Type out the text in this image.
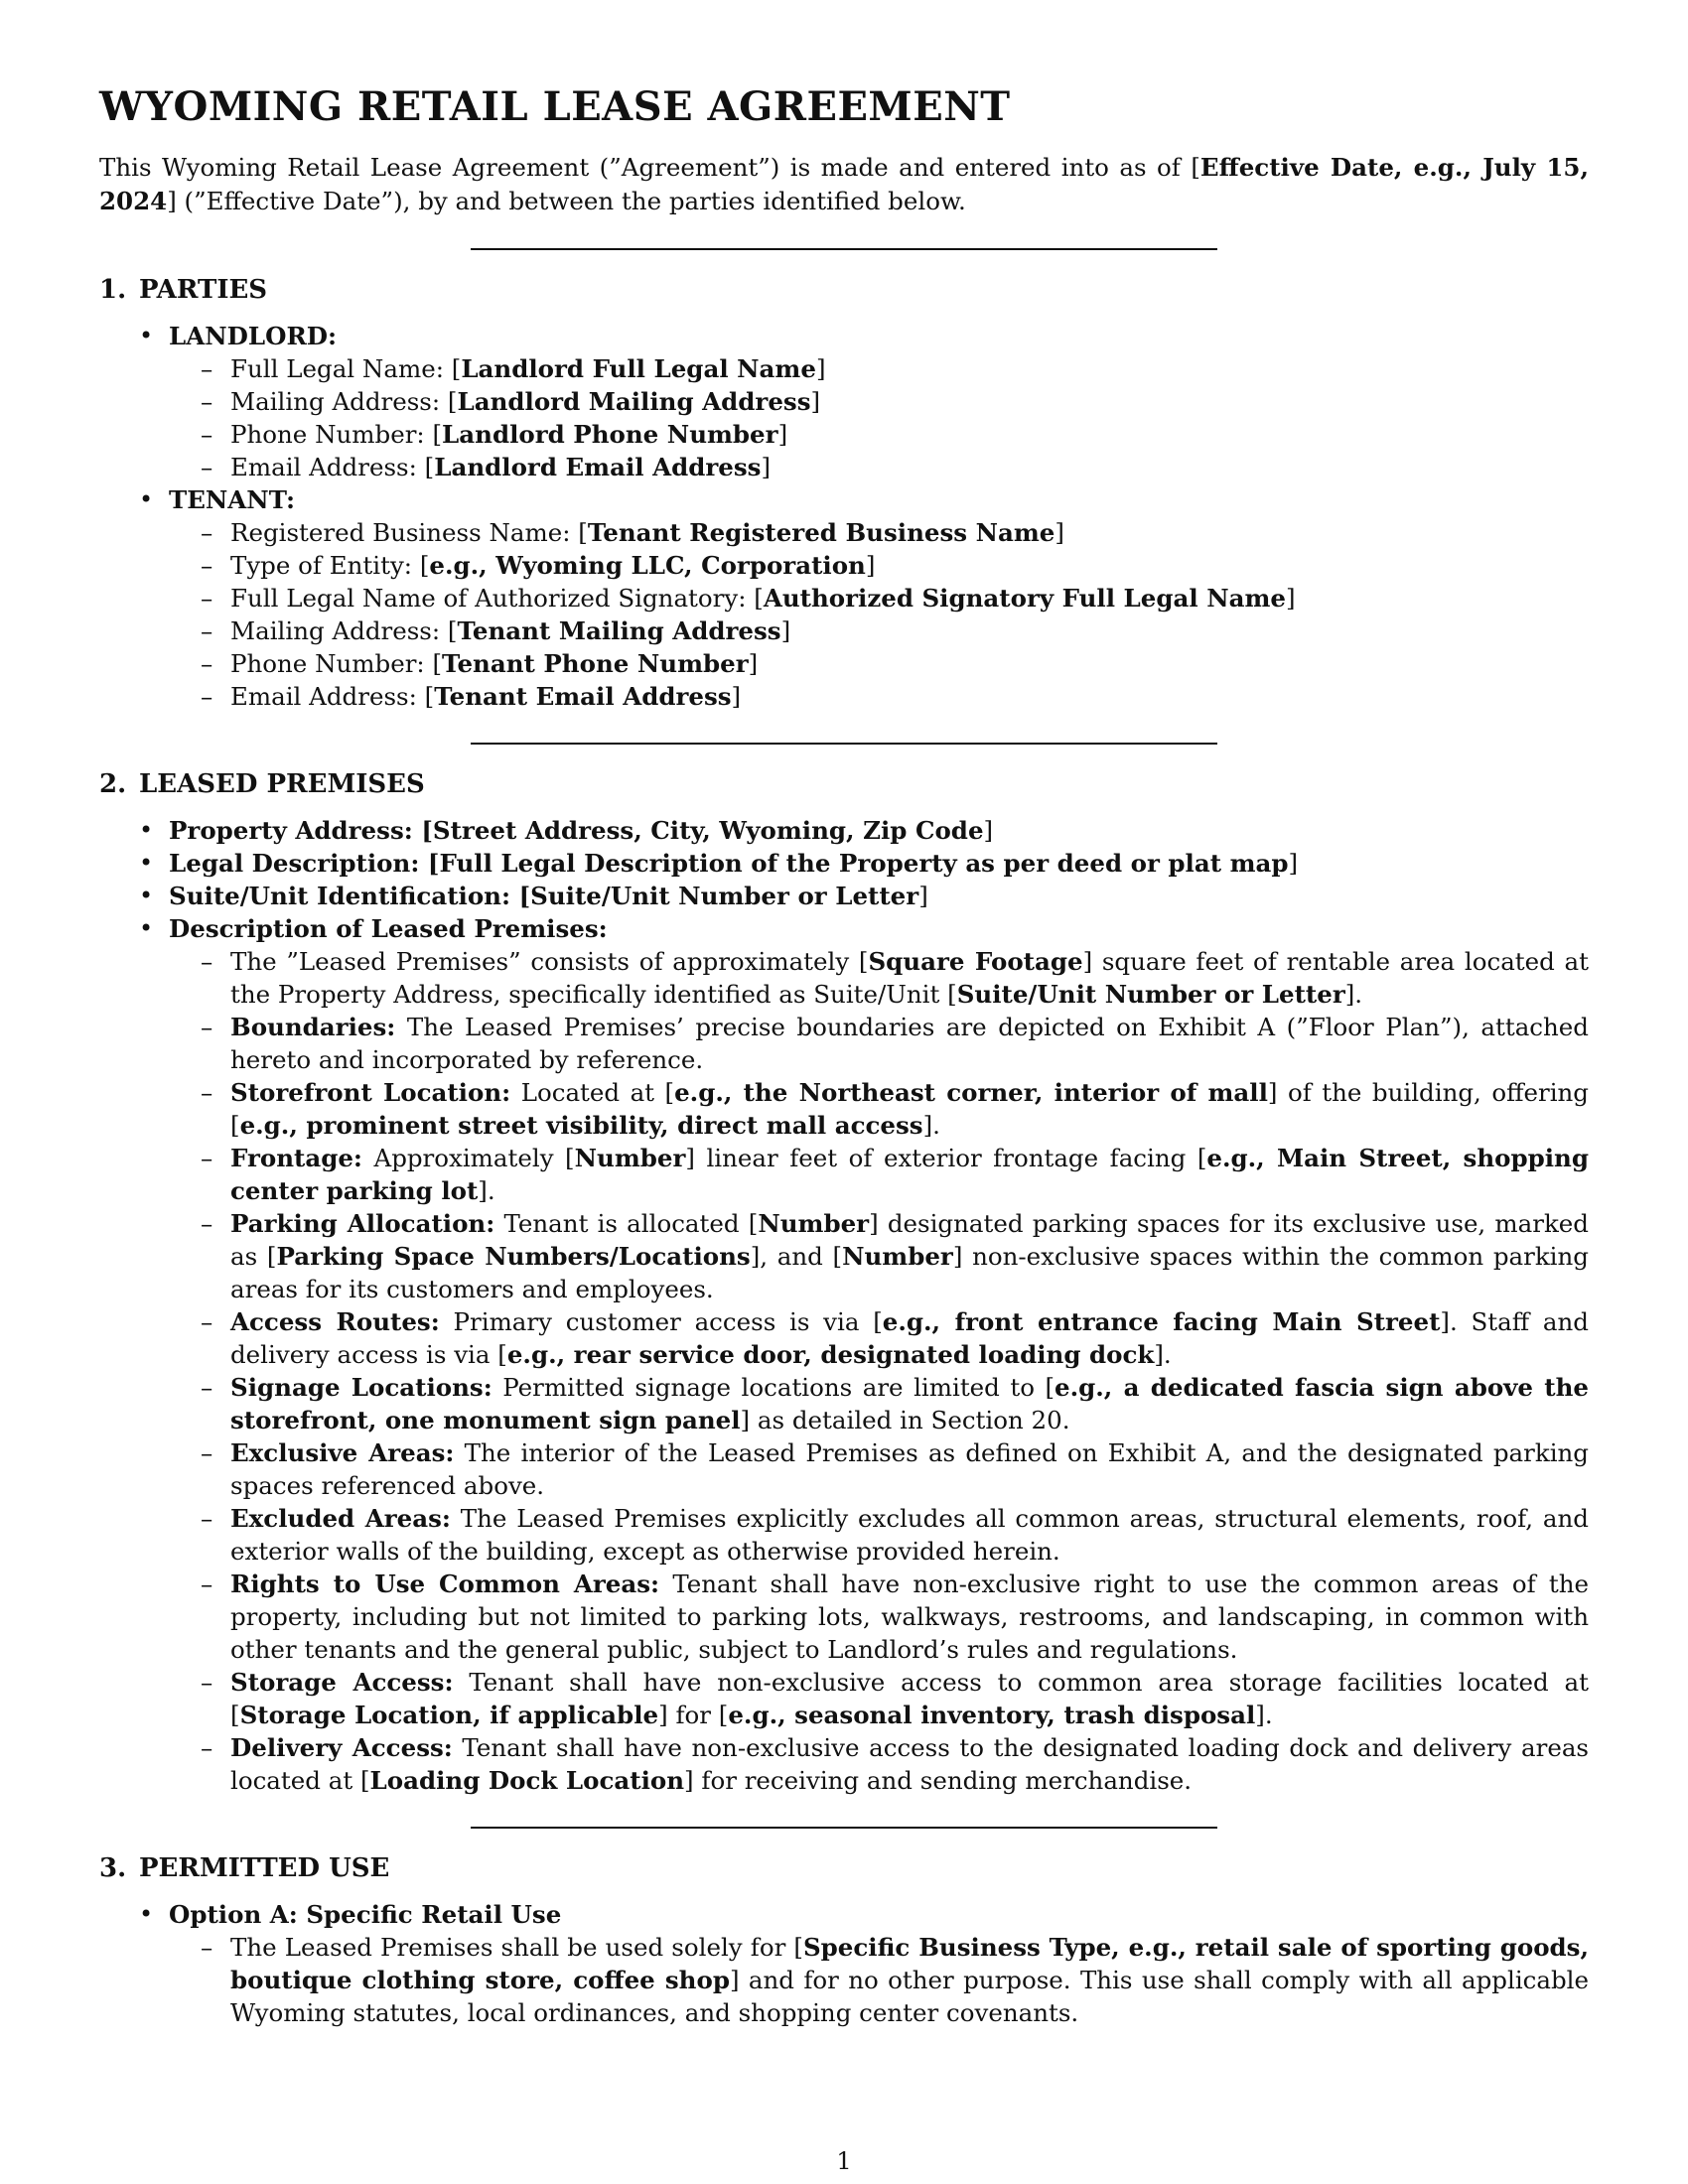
WYOMING RETAIL LEASE AGREEMENT

This Wyoming Retail Lease Agreement (”Agreement”) is made and entered into as of [Effective Date, e.g., July 15, 2024] (”Effective Date”), by and between the parties identified below.

1. PARTIES
• LANDLORD:
– Full Legal Name: [Landlord Full Legal Name]
– Mailing Address: [Landlord Mailing Address]
– Phone Number: [Landlord Phone Number]
– Email Address: [Landlord Email Address]
• TENANT:
– Registered Business Name: [Tenant Registered Business Name]
– Type of Entity: [e.g., Wyoming LLC, Corporation]
– Full Legal Name of Authorized Signatory: [Authorized Signatory Full Legal Name]
– Mailing Address: [Tenant Mailing Address]
– Phone Number: [Tenant Phone Number]
– Email Address: [Tenant Email Address]
2. LEASED PREMISES
• Property Address: [Street Address, City, Wyoming, Zip Code]
• Legal Description: [Full Legal Description of the Property as per deed or plat map]
• Suite/Unit Identification: [Suite/Unit Number or Letter]
• Description of Leased Premises:
– The ”Leased Premises” consists of approximately [Square Footage] square feet of rentable area located at the Property Address, specifically identified as Suite/Unit [Suite/Unit Number or Letter].
– Boundaries: The Leased Premises’ precise boundaries are depicted on Exhibit A (”Floor Plan”), attached hereto and incorporated by reference.
– Storefront Location: Located at [e.g., the Northeast corner, interior of mall] of the building, offering [e.g., prominent street visibility, direct mall access].
– Frontage: Approximately [Number] linear feet of exterior frontage facing [e.g., Main Street, shopping center parking lot].
– Parking Allocation: Tenant is allocated [Number] designated parking spaces for its exclusive use, marked as [Parking Space Numbers/Locations], and [Number] non-exclusive spaces within the common parking areas for its customers and employees.
– Access Routes: Primary customer access is via [e.g., front entrance facing Main Street]. Staff and delivery access is via [e.g., rear service door, designated loading dock].
– Signage Locations: Permitted signage locations are limited to [e.g., a dedicated fascia sign above the storefront, one monument sign panel] as detailed in Section 20.
– Exclusive Areas: The interior of the Leased Premises as defined on Exhibit A, and the designated parking spaces referenced above.
– Excluded Areas: The Leased Premises explicitly excludes all common areas, structural elements, roof, and exterior walls of the building, except as otherwise provided herein.
– Rights to Use Common Areas: Tenant shall have non-exclusive right to use the common areas of the property, including but not limited to parking lots, walkways, restrooms, and landscaping, in common with other tenants and the general public, subject to Landlord’s rules and regulations.
– Storage Access: Tenant shall have non-exclusive access to common area storage facilities located at [Storage Location, if applicable] for [e.g., seasonal inventory, trash disposal].
– Delivery Access: Tenant shall have non-exclusive access to the designated loading dock and delivery areas located at [Loading Dock Location] for receiving and sending merchandise.
3. PERMITTED USE
• Option A: Specific Retail Use
– The Leased Premises shall be used solely for [Specific Business Type, e.g., retail sale of sporting goods, boutique clothing store, coffee shop] and for no other purpose. This use shall comply with all applicable Wyoming statutes, local ordinances, and shopping center covenants.
1
